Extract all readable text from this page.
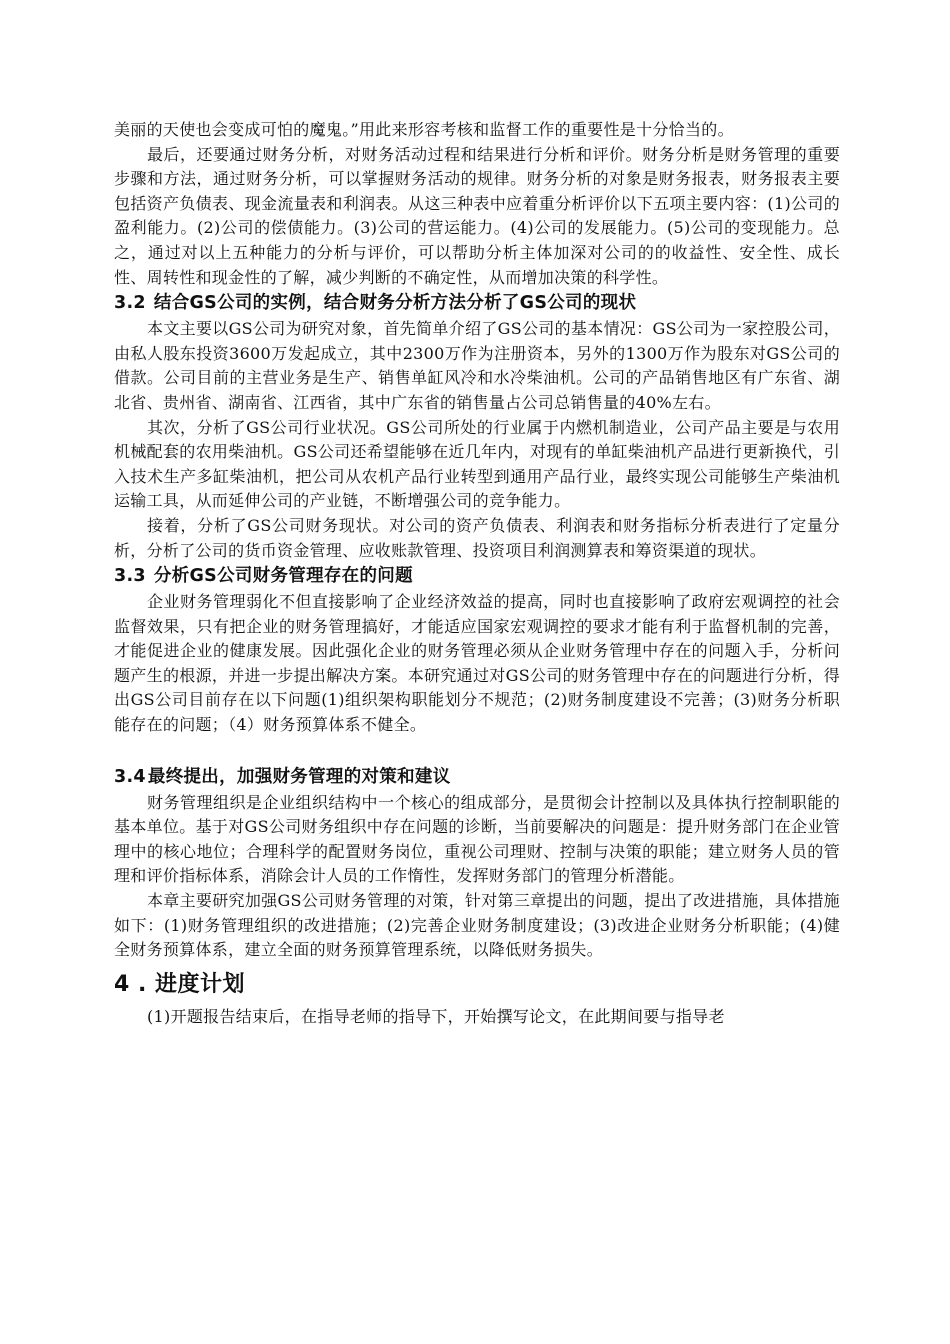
美丽的天使也会变成可怕的魔鬼。”用此来形容考核和监督工作的重要性是十分恰当的。

最后，还要通过财务分析，对财务活动过程和结果进行分析和评价。财务分析是财务管理的重要步骤和方法，通过财务分析，可以掌握财务活动的规律。财务分析的对象是财务报表，财务报表主要包括资产负债表、现金流量表和利润表。从这三种表中应着重分析评价以下五项主要内容：(1)公司的盈利能力。(2)公司的偿债能力。(3)公司的营运能力。(4)公司的发展能力。(5)公司的变现能力。总之，通过对以上五种能力的分析与评价，可以帮助分析主体加深对公司的的收益性、安全性、成长性、周转性和现金性的了解，减少判断的不确定性，从而增加决策的科学性。

3.2 结合GS公司的实例，结合财务分析方法分析了GS公司的现状

本文主要以GS公司为研究对象，首先简单介绍了GS公司的基本情况：GS公司为一家控股公司，由私人股东投资3600万发起成立，其中2300万作为注册资本，另外的1300万作为股东对GS公司的借款。公司目前的主营业务是生产、销售单缸风冷和水冷柴油机。公司的产品销售地区有广东省、湖北省、贵州省、湖南省、江西省，其中广东省的销售量占公司总销售量的40%左右。

其次，分析了GS公司行业状况。GS公司所处的行业属于内燃机制造业，公司产品主要是与农用机械配套的农用柴油机。GS公司还希望能够在近几年内，对现有的单缸柴油机产品进行更新换代，引入技术生产多缸柴油机，把公司从农机产品行业转型到通用产品行业，最终实现公司能够生产柴油机运输工具，从而延伸公司的产业链，不断增强公司的竞争能力。

接着，分析了GS公司财务现状。对公司的资产负债表、利润表和财务指标分析表进行了定量分析，分析了公司的货币资金管理、应收账款管理、投资项目利润测算表和筹资渠道的现状。

3.3 分析GS公司财务管理存在的问题

企业财务管理弱化不但直接影响了企业经济效益的提高，同时也直接影响了政府宏观调控的社会监督效果，只有把企业的财务管理搞好，才能适应国家宏观调控的要求才能有利于监督机制的完善，才能促进企业的健康发展。因此强化企业的财务管理必须从企业财务管理中存在的问题入手，分析问题产生的根源，并进一步提出解决方案。本研究通过对GS公司的财务管理中存在的问题进行分析，得出GS公司目前存在以下问题(1)组织架构职能划分不规范；(2)财务制度建设不完善；(3)财务分析职能存在的问题；（4）财务预算体系不健全。

3.4 最终提出，加强财务管理的对策和建议

财务管理组织是企业组织结构中一个核心的组成部分，是贯彻会计控制以及具体执行控制职能的基本单位。基于对GS公司财务组织中存在问题的诊断，当前要解决的问题是：提升财务部门在企业管理中的核心地位；合理科学的配置财务岗位，重视公司理财、控制与决策的职能；建立财务人员的管理和评价指标体系，消除会计人员的工作惰性，发挥财务部门的管理分析潜能。

本章主要研究加强GS公司财务管理的对策，针对第三章提出的问题，提出了改进措施，具体措施如下：(1)财务管理组织的改进措施；(2)完善企业财务制度建设；(3)改进企业财务分析职能；(4)健全财务预算体系，建立全面的财务预算管理系统，以降低财务损失。

4 . 进度计划

(1)开题报告结束后，在指导老师的指导下，开始撰写论文，在此期间要与指导老
